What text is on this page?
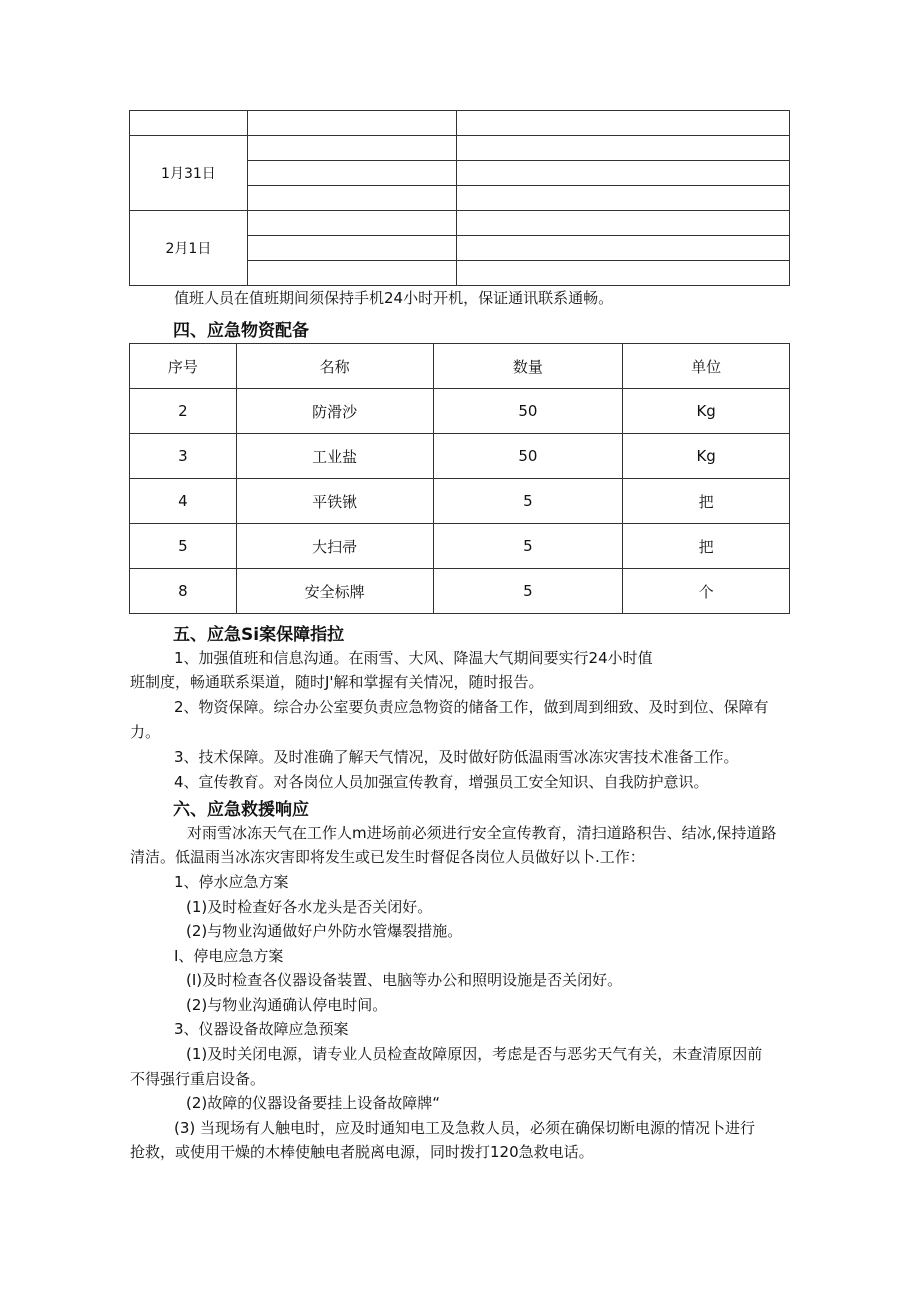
1月31日		

2月1日		

值班人员在值班期间须保持手机24小时开机，保证通讯联系通畅。
四、应急物资配备
序号	名称	数量	单位
2	防滑沙	50	Kg
3	工业盐	50	Kg
4	平铁锹	5	把
5	大扫帚	5	把
8	安全标牌	5	个
五、应急Si案保障指拉
1、加强值班和信息沟通。在雨雪、大风、降温大气期间要实行24小时值
班制度，畅通联系渠道，随时J'解和掌握有关情况，随时报告。
2、物资保障。综合办公室要负责应急物资的储备工作，做到周到细致、及时到位、保障有
力。
3、技术保障。及时准确了解天气情况，及时做好防低温雨雪冰冻灾害技术准备工作。
4、宣传教育。对各岗位人员加强宣传教育，增强员工安全知识、自我防护意识。
六、应急救援响应
对雨雪冰冻天气在工作人m进场前必须进行安全宣传教育，清扫道路积告、结冰,保持道路
清洁。低温雨当冰冻灾害即将发生或已发生时督促各岗位人员做好以卜.工作：
1、停水应急方案
(1)及时检查好各水龙头是否关闭好。
(2)与物业沟通做好户外防水管爆裂措施。
I、停电应急方案
(I)及时检查各仪器设备装置、电脑等办公和照明设施是否关闭好。
(2)与物业沟通确认停电时间。
3、仪器设备故障应急预案
(1)及时关闭电源，请专业人员检查故障原因，考虑是否与恶劣天气有关，未查清原因前
不得强行重启设备。
(2)故障的仪器设备要挂上设备故障牌“
(3) 当现场有人触电时，应及时通知电工及急救人员，必须在确保切断电源的情况卜进行
抢救，或使用干燥的木棒使触电者脱离电源，同时拨打120急救电话。
